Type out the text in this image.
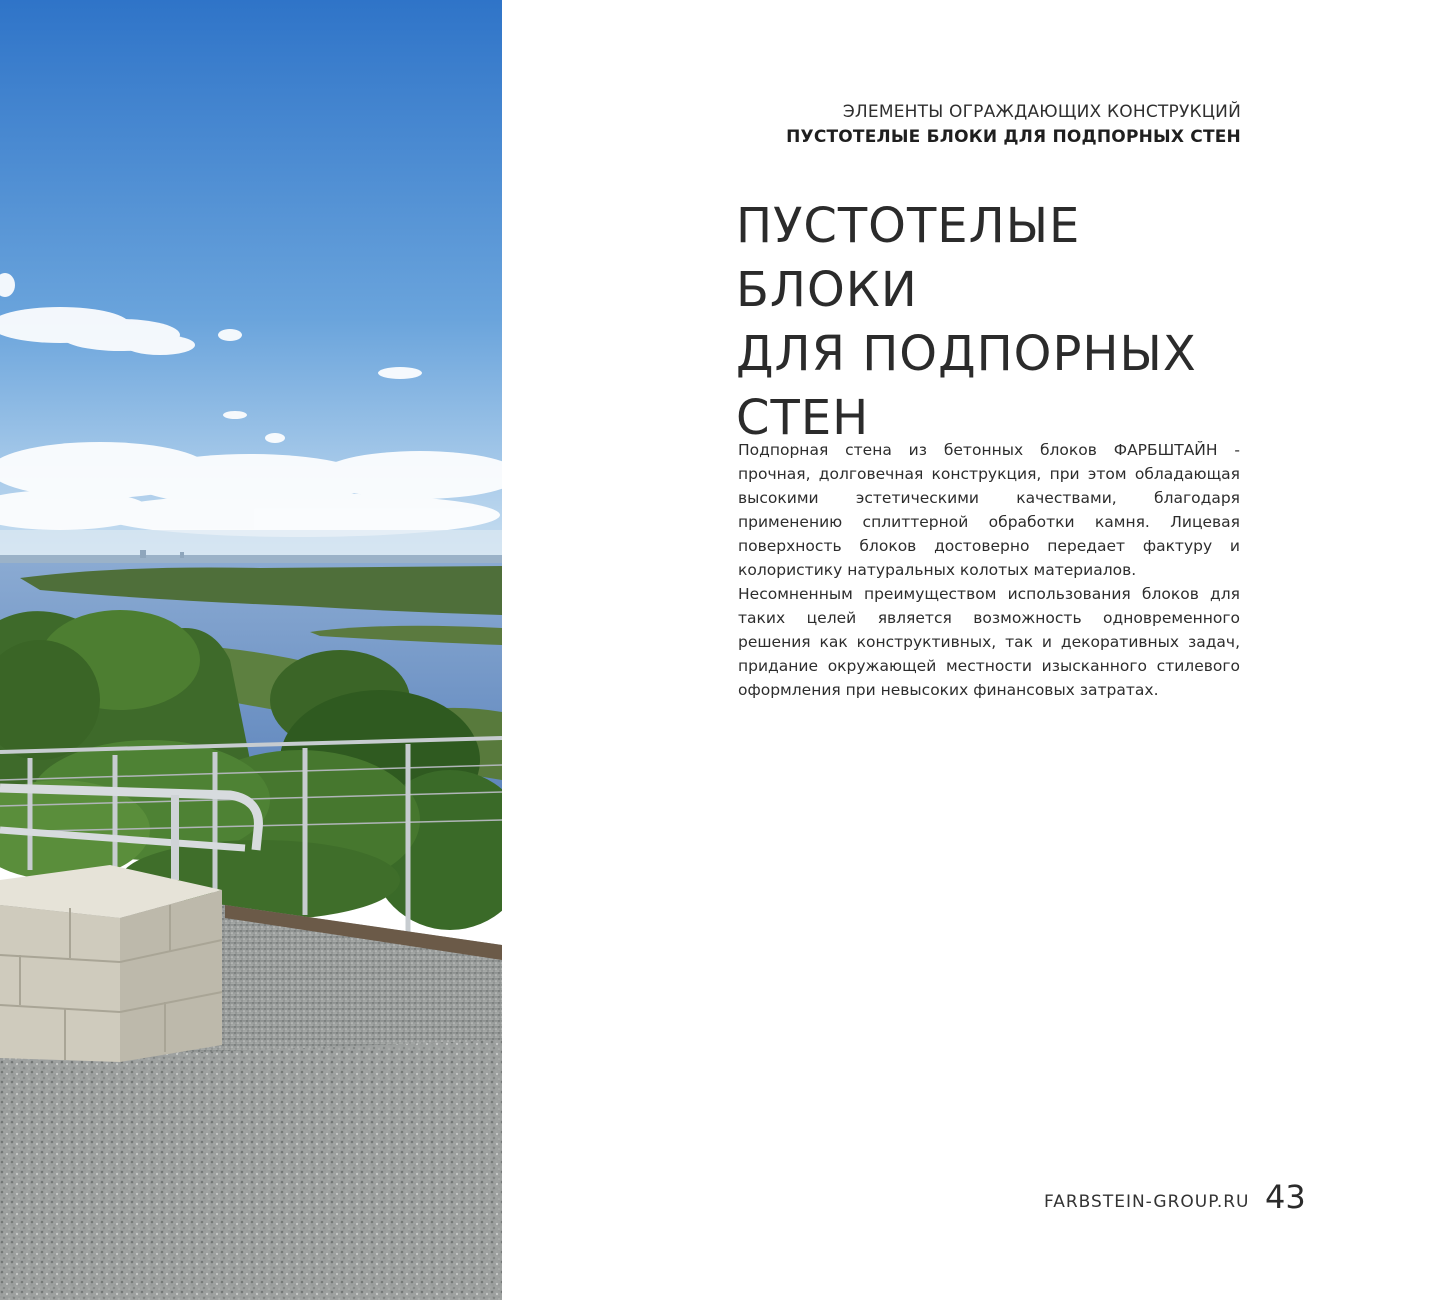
ЭЛЕМЕНТЫ ОГРАЖДАЮЩИХ КОНСТРУКЦИЙ
ПУСТОТЕЛЫЕ БЛОКИ ДЛЯ ПОДПОРНЫХ СТЕН
ПУСТОТЕЛЫЕ БЛОКИ
ДЛЯ ПОДПОРНЫХ
СТЕН

Подпорная стена из бетонных блоков ФАРБШТАЙН - прочная, долговечная конструкция, при этом обладающая высокими эстетическими качествами, благодаря применению сплиттерной обработки камня. Лицевая поверхность блоков достоверно передает фактуру и колористику натуральных колотых материалов.

Несомненным преимуществом использования блоков для таких целей является возможность одновременного решения как конструктивных, так и декоративных задач, придание окружающей местности изысканного стилевого оформления при невысоких финансовых затратах.

FARBSTEIN-GROUP.RU 43
